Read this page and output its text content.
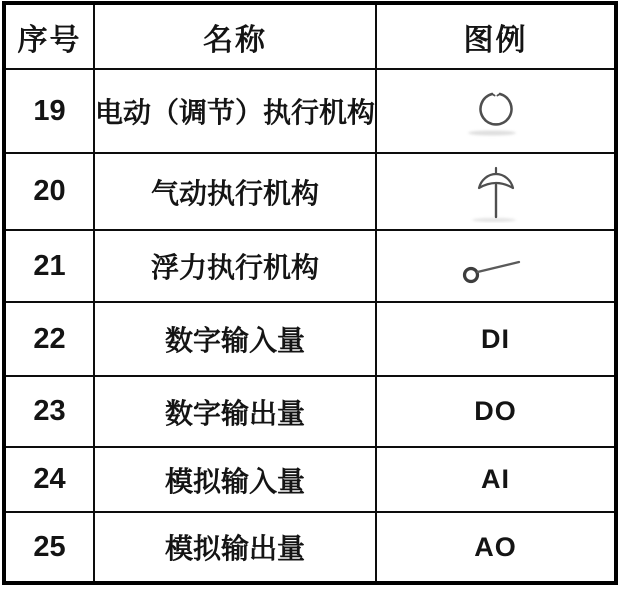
序号	名称	图例
19	电动（调节）执行机构

20	气动执行机构

21	浮力执行机构

22	数字输入量	DI
23	数字输出量	DO
24	模拟输入量	AI
25	模拟输出量	AO
